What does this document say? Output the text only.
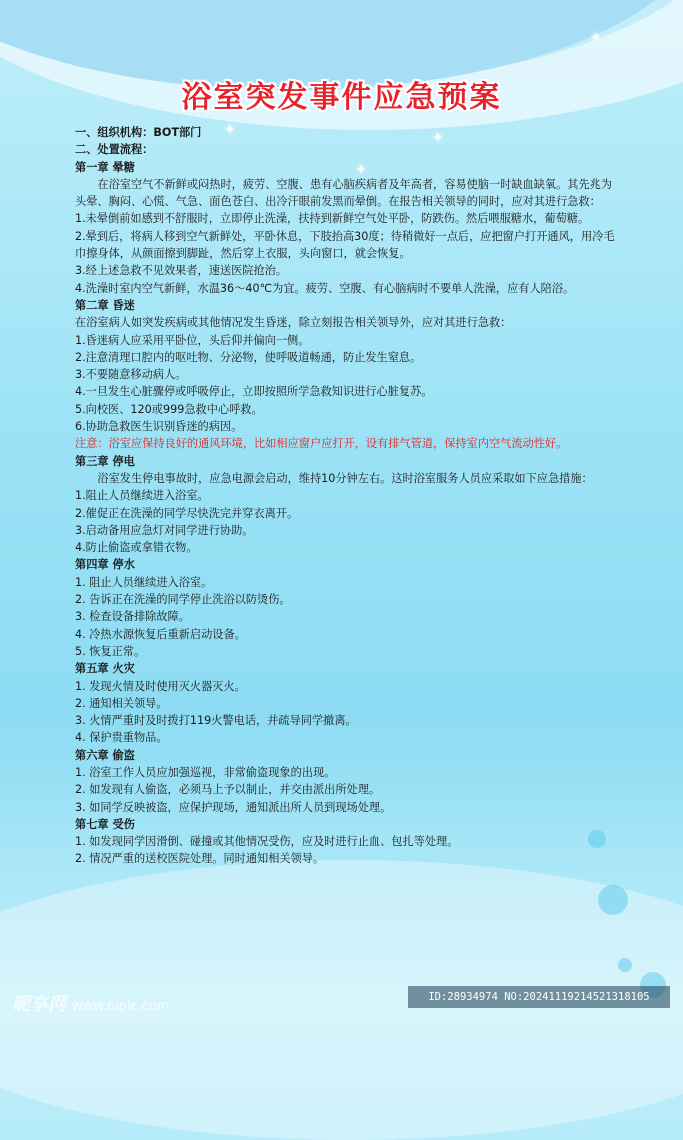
✦
✦
✦
✦
浴室突发事件应急预案

一、组织机构：BOT部门

二、处置流程：

第一章 晕糖

在浴室空气不新鲜或闷热时，疲劳、空腹、患有心脑疾病者及年高者，容易使脑一时缺血缺氧。其先兆为头晕、胸闷、心慌、气急、面色苍白、出冷汗眼前发黑而晕倒。在报告相关领导的同时，应对其进行急救：

1.未晕倒前如感到不舒服时，立即停止洗澡，扶持到新鲜空气处平卧，防跌伤。然后喂服糖水，葡萄糖。

2.晕到后，将病人移到空气新鲜处，平卧休息，下肢抬高30度；待稍微好一点后，应把窗户打开通风，用冷毛巾擦身体，从颜面擦到脚趾，然后穿上衣服，头向窗口，就会恢复。

3.经上述急救不见效果者，速送医院抢治。

4.洗澡时室内空气新鲜，水温36～40℃为宜。疲劳、空腹、有心脑病时不要单人洗澡，应有人陪浴。

第二章 昏迷

在浴室病人如突发疾病或其他情况发生昏迷，除立刻报告相关领导外，应对其进行急救：

1.昏迷病人应采用平卧位，头后仰并偏向一侧。

2.注意清理口腔内的呕吐物、分泌物，使呼吸道畅通，防止发生窒息。

3.不要随意移动病人。

4.一旦发生心脏骤停或呼吸停止，立即按照所学急救知识进行心脏复苏。

5.向校医、120或999急救中心呼救。

6.协助急救医生识别昏迷的病因。

注意：浴室应保持良好的通风环境，比如相应窗户应打开，设有排气管道，保持室内空气流动性好。

第三章 停电

浴室发生停电事故时，应急电源会启动，维持10分钟左右。这时浴室服务人员应采取如下应急措施：

1.阻止人员继续进入浴室。

2.催促正在洗澡的同学尽快洗完并穿衣离开。

3.启动备用应急灯对同学进行协助。

4.防止偷盗或拿错衣物。

第四章 停水

1. 阻止人员继续进入浴室。

2. 告诉正在洗澡的同学停止洗浴以防烫伤。

3. 检查设备排除故障。

4. 冷热水源恢复后重新启动设备。

5. 恢复正常。

第五章 火灾

1. 发现火情及时使用灭火器灭火。

2. 通知相关领导。

3. 火情严重时及时拨打119火警电话，并疏导同学撤离。

4. 保护贵重物品。

第六章 偷盗

1. 浴室工作人员应加强巡视，非常偷盗现象的出现。

2. 如发现有人偷盗，必须马上予以制止，并交由派出所处理。

3. 如同学反映被盗，应保护现场，通知派出所人员到现场处理。

第七章 受伤

1. 如发现同学因滑倒、碰撞或其他情况受伤，应及时进行止血、包扎等处理。

2. 情况严重的送校医院处理。同时通知相关领导。

昵享网 www.nipic.com
ID:28934974 NO:20241119214521318105
